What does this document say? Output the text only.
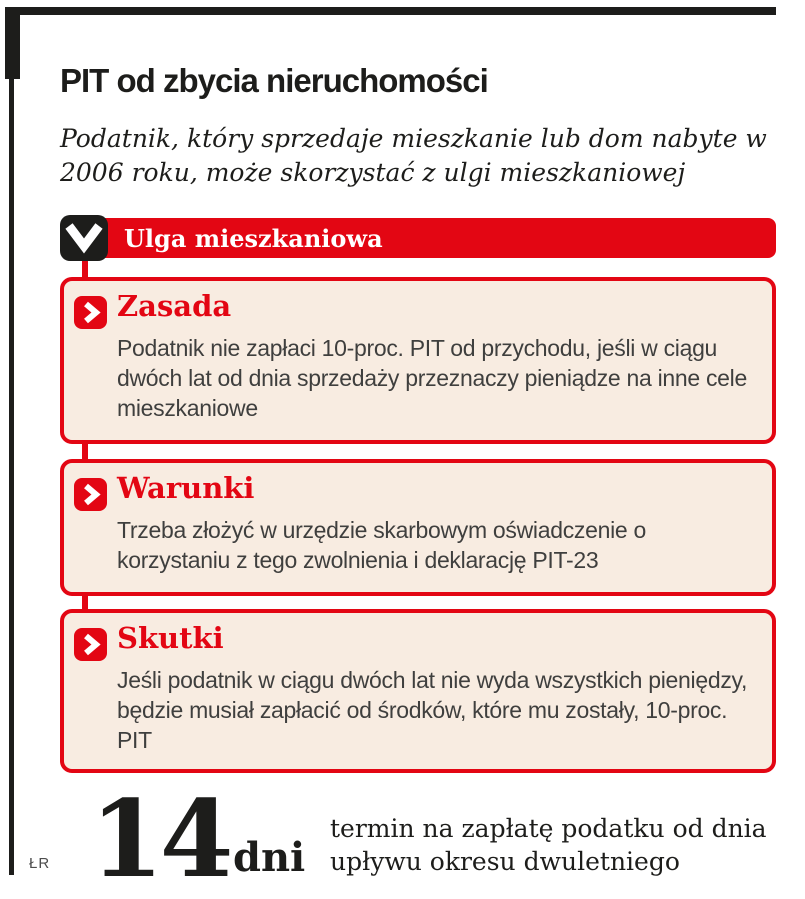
PIT od zbycia nieruchomości
Podatnik, który sprzedaje mieszkanie lub dom nabyte w 2006 roku, może skorzystać z ulgi mieszkaniowej
Ulga mieszkaniowa
Zasada
Podatnik nie zapłaci 10-proc. PIT od przychodu, jeśli w ciągu dwóch lat od dnia sprzedaży przeznaczy pieniądze na inne cele mieszkaniowe
Warunki
Trzeba złożyć w urzędzie skarbowym oświadczenie o korzystaniu z tego zwolnienia i deklarację PIT-23
Skutki
Jeśli podatnik w ciągu dwóch lat nie wyda wszystkich pieniędzy, będzie musiał zapłacić od środków, które mu zostały, 10-proc. PIT
ŁR 14 dni
termin na zapłatę podatku od dnia upływu okresu dwuletniego
